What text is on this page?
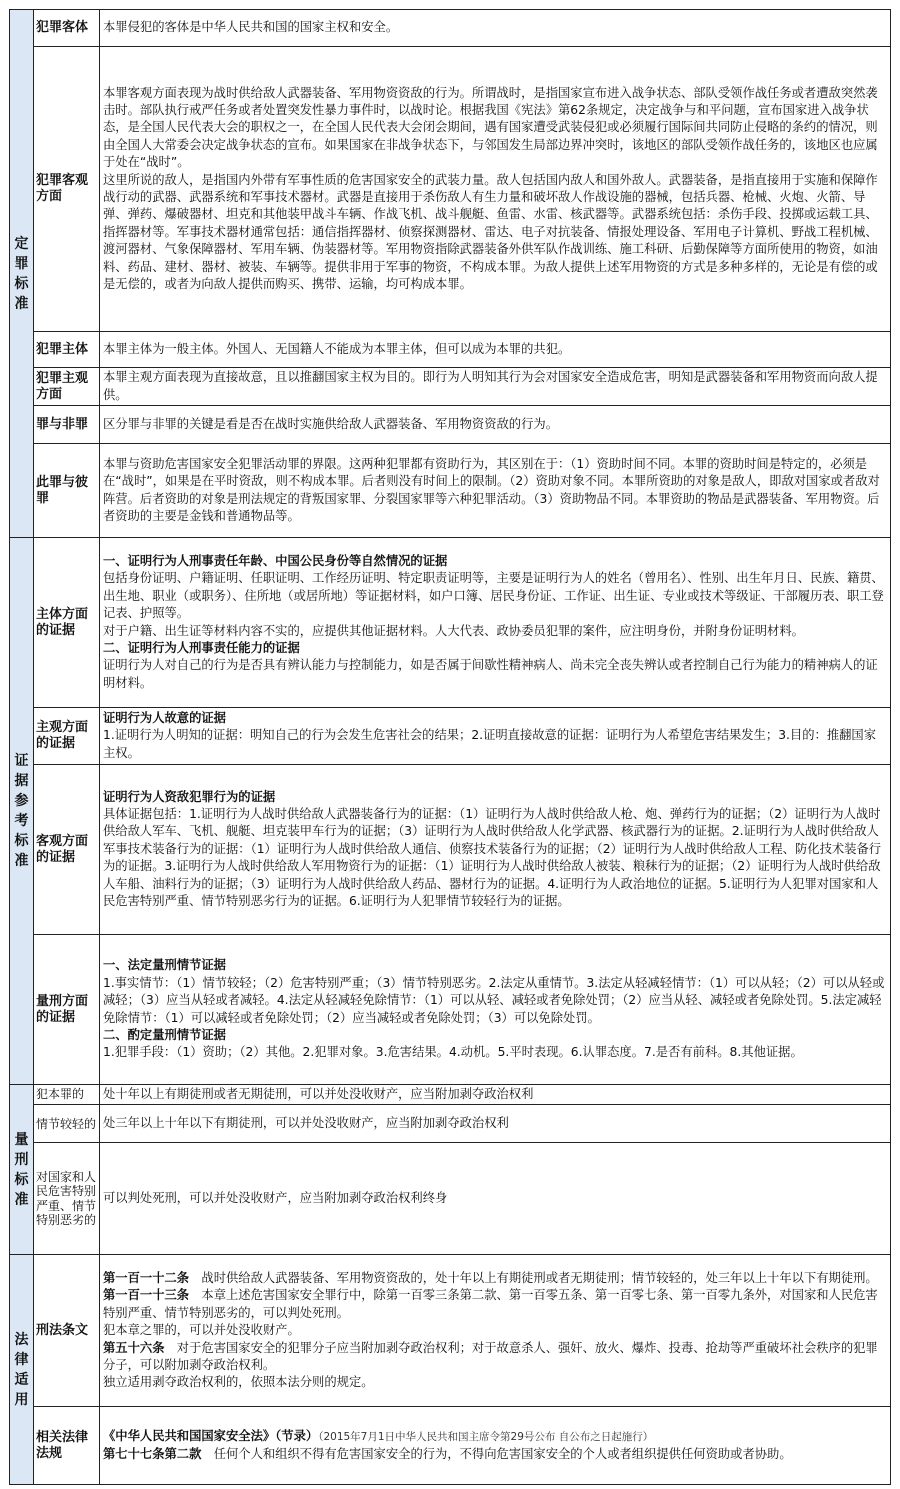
定罪标准	犯罪客体	本罪侵犯的客体是中华人民共和国的国家主权和安全。

	犯罪客观方面	本罪客观方面表现为战时供给敌人武器装备、军用物资资敌的行为。所谓战时，是指国家宣布进入战争状态、部队受领作战任务或者遭敌突然袭击时。部队执行戒严任务或者处置突发性暴力事件时，以战时论。根据我国《宪法》第62条规定，决定战争与和平问题，宣布国家进入战争状态，是全国人民代表大会的职权之一，在全国人民代表大会闭会期间，遇有国家遭受武装侵犯或必须履行国际间共同防止侵略的条约的情况，则由全国人大常委会决定战争状态的宣布。如果国家在非战争状态下，与邻国发生局部边界冲突时，该地区的部队受领作战任务的，该地区也应属于处在“战时”。

这里所说的敌人，是指国内外带有军事性质的危害国家安全的武装力量。敌人包括国内敌人和国外敌人。武器装备，是指直接用于实施和保障作战行动的武器、武器系统和军事技术器材。武器是直接用于杀伤敌人有生力量和破坏敌人作战设施的器械，包括兵器、枪械、火炮、火箭、导弹、弹药、爆破器材、坦克和其他装甲战斗车辆、作战飞机、战斗舰艇、鱼雷、水雷、核武器等。武器系统包括：杀伤手段、投掷或运载工具、指挥器材等。军事技术器材通常包括：通信指挥器材、侦察探测器材、雷达、电子对抗装备、情报处理设备、军用电子计算机、野战工程机械、渡河器材、气象保障器材、军用车辆、伪装器材等。军用物资指除武器装备外供军队作战训练、施工科研、后勤保障等方面所使用的物资，如油料、药品、建材、器材、被装、车辆等。提供非用于军事的物资，不构成本罪。为敌人提供上述军用物资的方式是多种多样的，无论是有偿的或是无偿的，或者为向敌人提供而购买、携带、运输，均可构成本罪。

	犯罪主体	本罪主体为一般主体。外国人、无国籍人不能成为本罪主体，但可以成为本罪的共犯。

	犯罪主观方面	本罪主观方面表现为直接故意，且以推翻国家主权为目的。即行为人明知其行为会对国家安全造成危害，明知是武器装备和军用物资而向敌人提供。

	罪与非罪	区分罪与非罪的关键是看是否在战时实施供给敌人武器装备、军用物资资敌的行为。

	此罪与彼罪	本罪与资助危害国家安全犯罪活动罪的界限。这两种犯罪都有资助行为，其区别在于：（1）资助时间不同。本罪的资助时间是特定的，必须是在“战时”，如果是在平时资敌，则不构成本罪。后者则没有时间上的限制。（2）资助对象不同。本罪所资助的对象是敌人，即敌对国家或者敌对阵营。后者资助的对象是刑法规定的背叛国家罪、分裂国家罪等六种犯罪活动。（3）资助物品不同。本罪资助的物品是武器装备、军用物资。后者资助的主要是金钱和普通物品等。

证据参考标准	主体方面的证据	一、证明行为人刑事责任年龄、中国公民身份等自然情况的证据

包括身份证明、户籍证明、任职证明、工作经历证明、特定职责证明等，主要是证明行为人的姓名（曾用名）、性别、出生年月日、民族、籍贯、出生地、职业（或职务）、住所地（或居所地）等证据材料，如户口簿、居民身份证、工作证、出生证、专业或技术等级证、干部履历表、职工登记表、护照等。

对于户籍、出生证等材料内容不实的，应提供其他证据材料。人大代表、政协委员犯罪的案件，应注明身份，并附身份证明材料。

二、证明行为人刑事责任能力的证据

证明行为人对自己的行为是否具有辨认能力与控制能力，如是否属于间歇性精神病人、尚未完全丧失辨认或者控制自己行为能力的精神病人的证明材料。

	主观方面的证据	证明行为人故意的证据

1.证明行为人明知的证据：明知自己的行为会发生危害社会的结果；2.证明直接故意的证据：证明行为人希望危害结果发生；3.目的：推翻国家主权。

	客观方面的证据	证明行为人资敌犯罪行为的证据

具体证据包括：1.证明行为人战时供给敌人武器装备行为的证据：（1）证明行为人战时供给敌人枪、炮、弹药行为的证据；（2）证明行为人战时供给敌人军车、飞机、舰艇、坦克装甲车行为的证据；（3）证明行为人战时供给敌人化学武器、核武器行为的证据。2.证明行为人战时供给敌人军事技术装备行为的证据：（1）证明行为人战时供给敌人通信、侦察技术装备行为的证据；（2）证明行为人战时供给敌人工程、防化技术装备行为的证据。3.证明行为人战时供给敌人军用物资行为的证据：（1）证明行为人战时供给敌人被装、粮秣行为的证据；（2）证明行为人战时供给敌人车船、油料行为的证据；（3）证明行为人战时供给敌人药品、器材行为的证据。4.证明行为人政治地位的证据。5.证明行为人犯罪对国家和人民危害特别严重、情节特别恶劣行为的证据。6.证明行为人犯罪情节较轻行为的证据。

	量刑方面的证据	一、法定量刑情节证据

1.事实情节：（1）情节较轻；（2）危害特别严重；（3）情节特别恶劣。2.法定从重情节。3.法定从轻减轻情节：（1）可以从轻；（2）可以从轻或减轻；（3）应当从轻或者减轻。4.法定从轻减轻免除情节：（1）可以从轻、减轻或者免除处罚；（2）应当从轻、减轻或者免除处罚。5.法定减轻免除情节：（1）可以减轻或者免除处罚；（2）应当减轻或者免除处罚；（3）可以免除处罚。

二、酌定量刑情节证据

1.犯罪手段：（1）资助；（2）其他。2.犯罪对象。3.危害结果。4.动机。5.平时表现。6.认罪态度。7.是否有前科。8.其他证据。

量刑标准	犯本罪的	处十年以上有期徒刑或者无期徒刑，可以并处没收财产，应当附加剥夺政治权利

	情节较轻的	处三年以上十年以下有期徒刑，可以并处没收财产，应当附加剥夺政治权利

	对国家和人民危害特别严重、情节特别恶劣的	可以判处死刑，可以并处没收财产，应当附加剥夺政治权利终身

法律适用	刑法条文	第一百一十二条　战时供给敌人武器装备、军用物资资敌的，处十年以上有期徒刑或者无期徒刑；情节较轻的，处三年以上十年以下有期徒刑。

第一百一十三条　本章上述危害国家安全罪行中，除第一百零三条第二款、第一百零五条、第一百零七条、第一百零九条外，对国家和人民危害特别严重、情节特别恶劣的，可以判处死刑。

犯本章之罪的，可以并处没收财产。

第五十六条　对于危害国家安全的犯罪分子应当附加剥夺政治权利；对于故意杀人、强奸、放火、爆炸、投毒、抢劫等严重破坏社会秩序的犯罪分子，可以附加剥夺政治权利。

独立适用剥夺政治权利的，依照本法分则的规定。

	相关法律法规	《中华人民共和国国家安全法》（节录）（2015年7月1日中华人民共和国主席令第29号公布 自公布之日起施行）

第七十七条第二款　任何个人和组织不得有危害国家安全的行为，不得向危害国家安全的个人或者组织提供任何资助或者协助。
